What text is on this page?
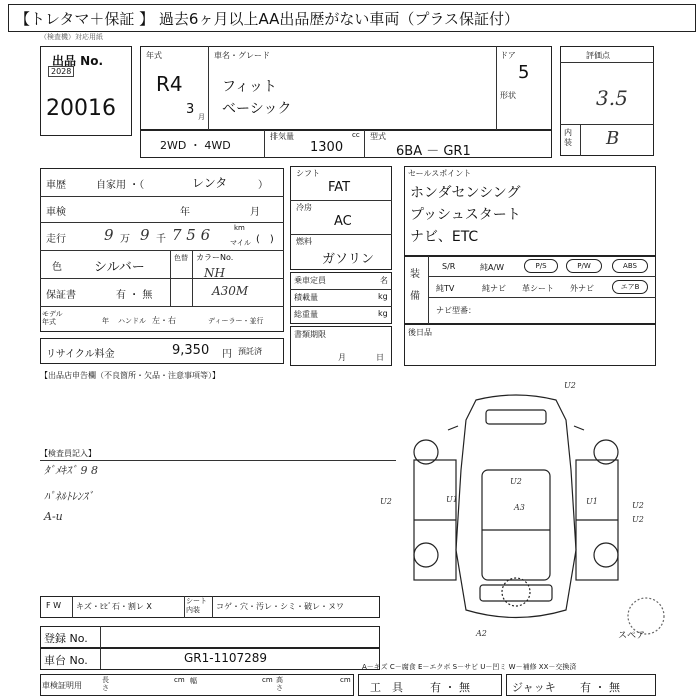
【トレタマ＋保証 】 過去6ヶ月以上AA出品歴がない車両（プラス保証付）
（検査機）対応用紙
出品 No.
2028
20016
年式
R4
3 月
車名・グレード
フィット
ベーシック
ドア
5
形状
評価点
3.5
内装 B
2WD ・ 4WD
排気量	cc
1300
型式
6BA － GR1
車歴	自家用 ・（	レンタ	）
車検	年	月
走行	9 万 9 千 7 5 6	km
マイル (　)
色 シルバー
色替 カラーNo.
NH
保証書	有 ・ 無	A30M
モデル年式	年 ハンドル 左・右	ディーラー・並行
リサイクル料金	9,350 円 預託済
シフト
FAT
冷房
AC
燃料
ガソリン
乗車定員	名
積載量	kg
総重量	kg
書類期限
月	日
セールスポイント
ホンダセンシング
プッシュスタート
ナビ、ETC
装備
S/R	純A/W	P/S	P/W	ABS
純TV	純ナビ 革シート 外ナビ	エアB
ナビ型番：
後日品
【出品店申告欄（不良箇所・欠品・注意事項等）】
【検査員記入】
ﾀﾞﾒｷｽﾞ 9 8
ﾊﾟﾈﾙﾄﾚﾝｽﾞ
A-u
U2
U1
U2	U1
U2
A3	U2
U2
A2	スペア
F W キズ・ﾋﾋﾞ石・割レ X
シート内装	コゲ・穴・汚レ・シミ・破レ・ヌワ
登録 No.
車台 No.	GR1-1107289
A－キズ C－腐食 E－エクボ S－サビ U－凹ミ W－補修 XX－交換済
車検証明用
長さ
cm 幅	cm 高さ
cm
工　具 有 ・ 無	ジャッキ 有 ・ 無
